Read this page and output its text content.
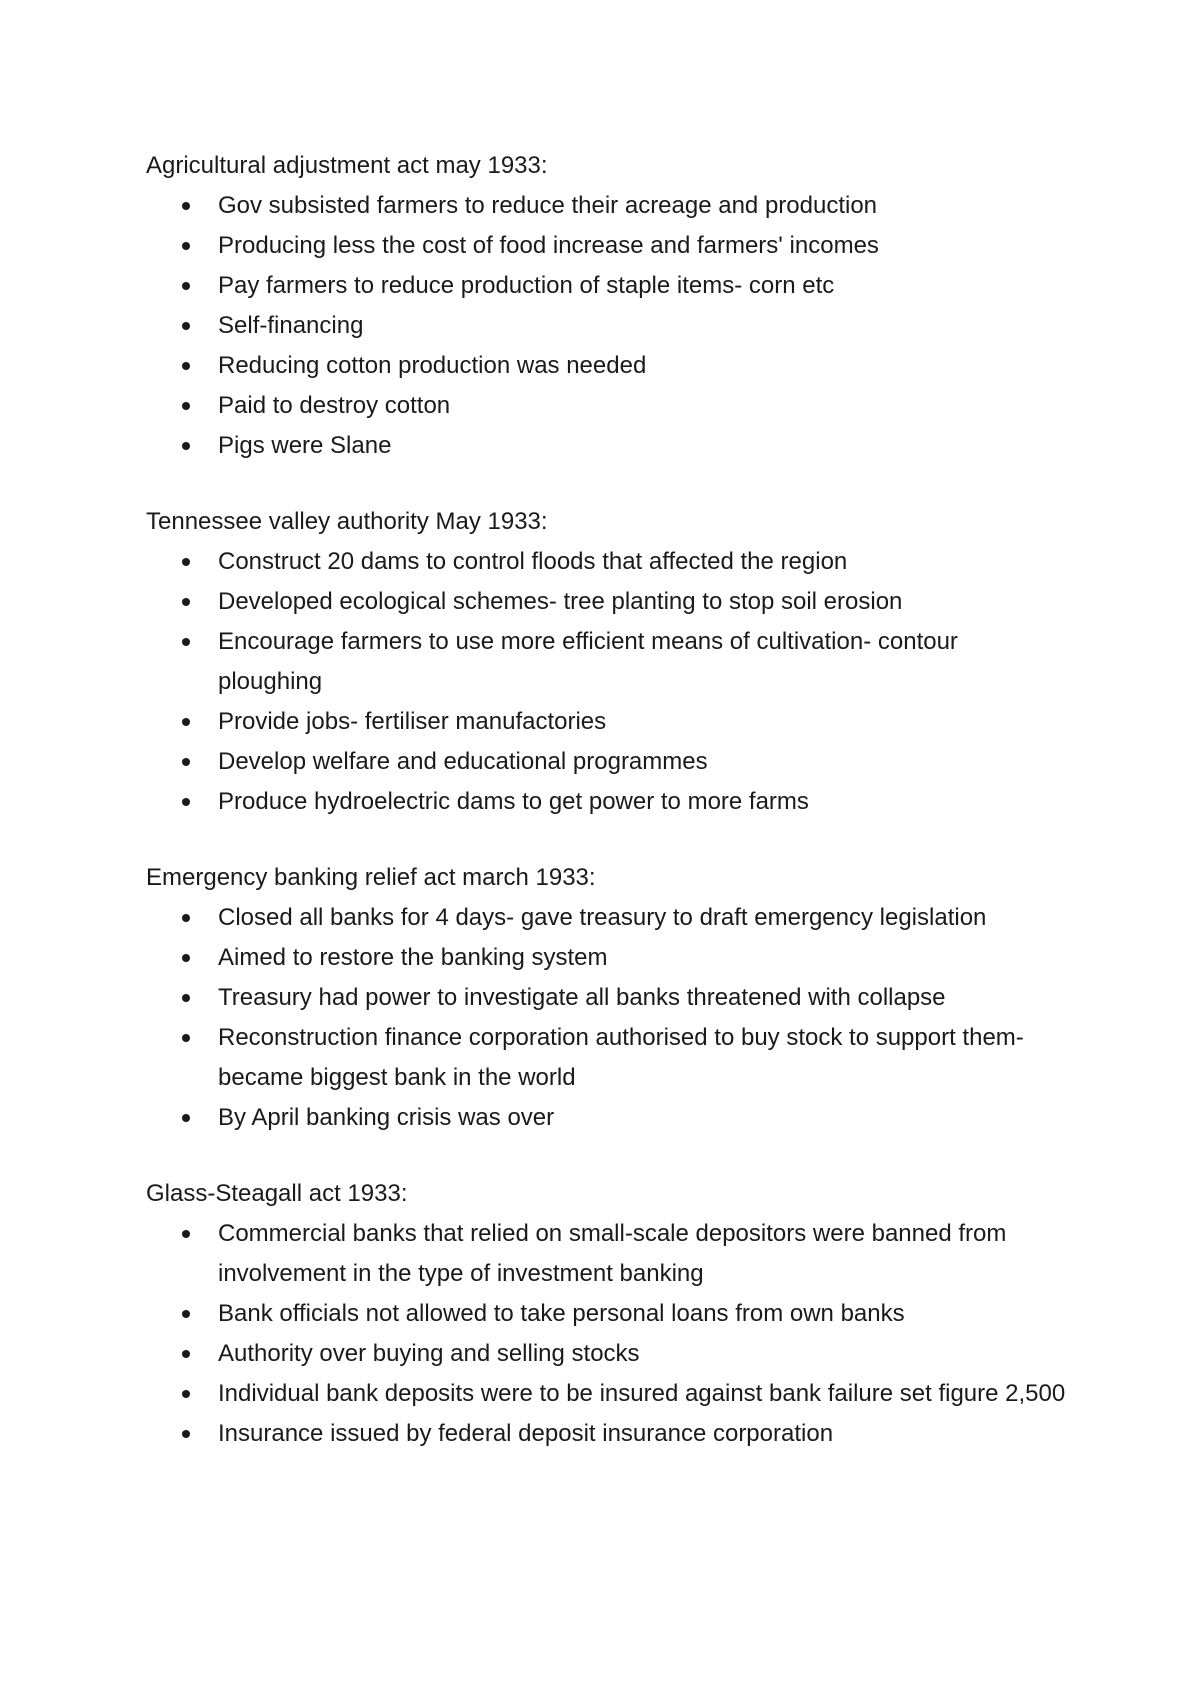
Agricultural adjustment act may 1933:

Gov subsisted farmers to reduce their acreage and production
Producing less the cost of food increase and farmers' incomes
Pay farmers to reduce production of staple items- corn etc
Self-financing
Reducing cotton production was needed
Paid to destroy cotton
Pigs were Slane

Tennessee valley authority May 1933:

Construct 20 dams to control floods that affected the region
Developed ecological schemes- tree planting to stop soil erosion
Encourage farmers to use more efficient means of cultivation- contour ploughing
Provide jobs- fertiliser manufactories
Develop welfare and educational programmes
Produce hydroelectric dams to get power to more farms

Emergency banking relief act march 1933:

Closed all banks for 4 days- gave treasury to draft emergency legislation
Aimed to restore the banking system
Treasury had power to investigate all banks threatened with collapse
Reconstruction finance corporation authorised to buy stock to support them- became biggest bank in the world
By April banking crisis was over

Glass-Steagall act 1933:

Commercial banks that relied on small-scale depositors were banned from involvement in the type of investment banking
Bank officials not allowed to take personal loans from own banks
Authority over buying and selling stocks
Individual bank deposits were to be insured against bank failure set figure 2,500
Insurance issued by federal deposit insurance corporation
